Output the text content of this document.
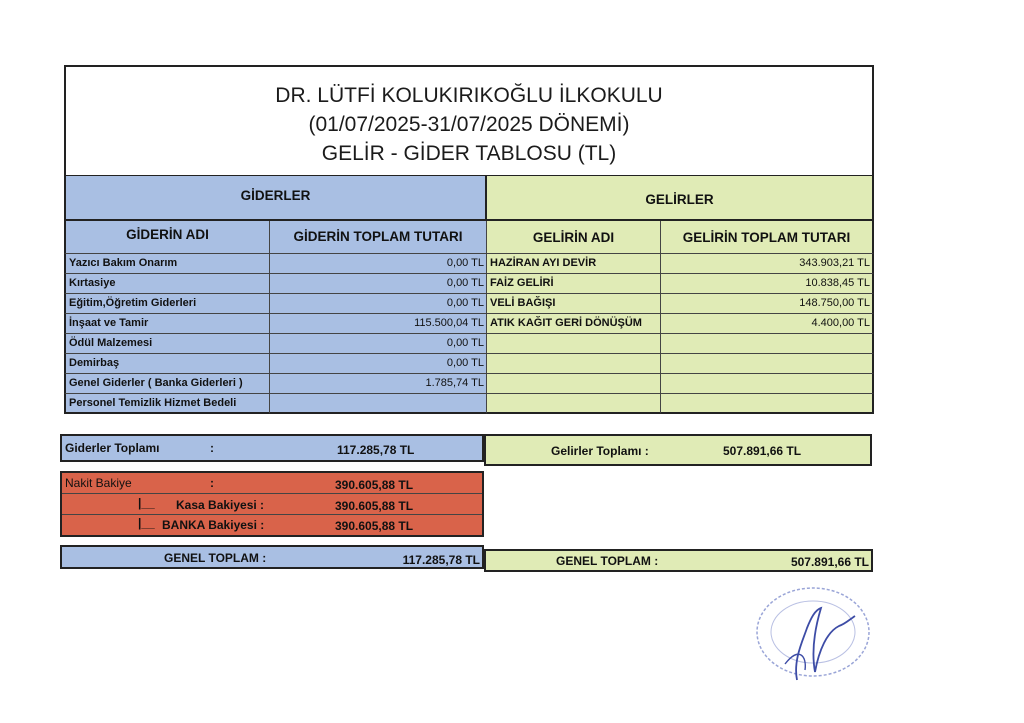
DR. LÜTFİ KOLUKIRIKOĞLU İLKOKULU
(01/07/2025-31/07/2025 DÖNEMİ)
GELİR - GİDER TABLOSU (TL)
GİDERLER	GELİRLER
GİDERİN ADI	GİDERİN TOPLAM TUTARI	GELİRİN ADI	GELİRİN TOPLAM TUTARI
Yazıcı Bakım Onarım	0,00 TL HAZİRAN AYI DEVİR	343.903,21 TL
Kırtasiye	0,00 TL FAİZ GELİRİ	10.838,45 TL
Eğitim,Öğretim Giderleri	0,00 TL VELİ BAĞIŞI	148.750,00 TL
İnşaat ve Tamir	115.500,04 TL ATIK KAĞIT GERİ DÖNÜŞÜM	4.400,00 TL
Ödül Malzemesi	0,00 TL
Demirbaş	0,00 TL
Genel Giderler ( Banka Giderleri )	1.785,74 TL
Personel Temizlik Hizmet Bedeli
Giderler Toplamı	:	117.285,78 TL	Gelirler Toplamı :	507.891,66 TL
Nakit Bakiye	:	390.605,88 TL
|__ Kasa Bakiyesi :	390.605,88 TL
|__ BANKA Bakiyesi :	390.605,88 TL
GENEL TOPLAM :	117.285,78 TL	GENEL TOPLAM :	507.891,66 TL
